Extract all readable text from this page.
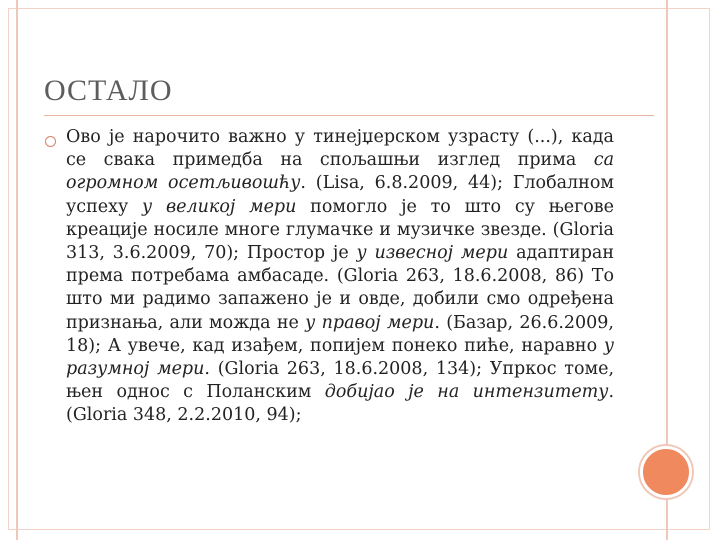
ОСТАЛО
Ово је нарочито важно у тинејџерском узрасту (...), када се свака примедба на спољашњи изглед прима са огромном осетљивошћу. (Lisa, 6.8.2009, 44); Глобалном успеху у великој мери помогло је то што су његове креације носиле многе глумачке и музичке звезде. (Gloria 313, 3.6.2009, 70); Простор је у извесној мери адаптиран према потребама амбасаде. (Gloria 263, 18.6.2008, 86) То што ми радимо запажено је и овде, добили смо одређена признања, али можда не у правој мери. (Базар, 26.6.2009, 18); А увече, кад изађем, попијем понеко пиће, наравно у разумној мери. (Gloria 263, 18.6.2008, 134); Упркос томе, њен однос с Поланским добијао је на интензитету. (Gloria 348, 2.2.2010, 94);
